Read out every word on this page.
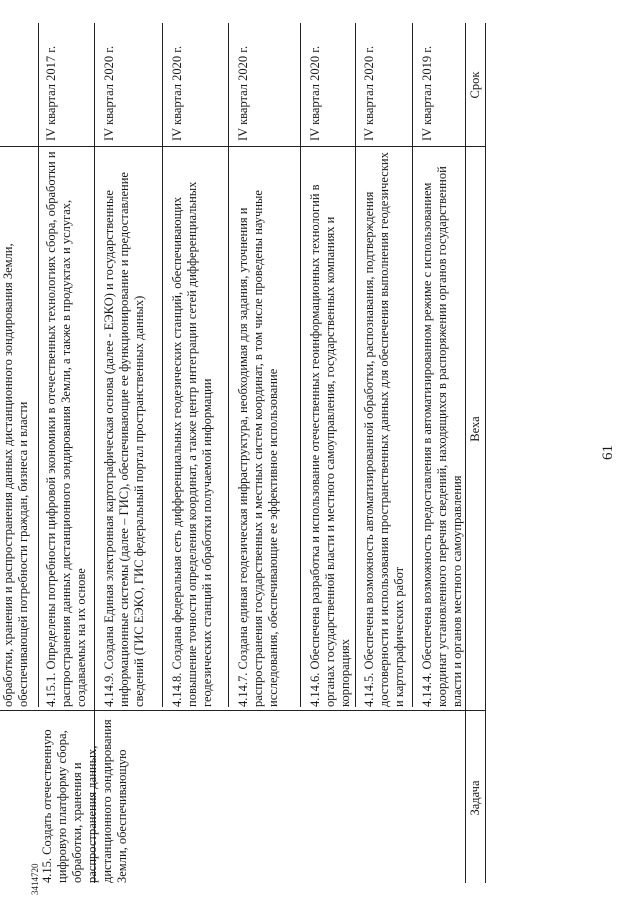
Задача
Веха
Срок
4.14.4. Обеспечена возможность предоставления в автоматизированном режиме с использованием координат установленного перечня сведений, находящихся в распоряжении органов государственной власти и органов местного самоуправления
IV квартал 2019 г.
4.14.5. Обеспечена возможность автоматизированной обработки, распознавания, подтверждения достоверности и использования пространственных данных для обеспечения выполнения геодезических и картографических работ
IV квартал 2020 г.
4.14.6. Обеспечена разработка и использование отечественных геоинформационных технологий в органах государственной власти и местного самоуправления, государственных компаниях и корпорациях
IV квартал 2020 г.
4.14.7. Создана единая геодезическая инфраструктура, необходимая для задания, уточнения и распространения государственных и местных систем координат, в том числе проведены научные исследования, обеспечивающие ее эффективное использование
IV квартал 2020 г.
4.14.8. Создана федеральная сеть дифференциальных геодезических станций, обеспечивающих повышение точности определения координат, а также центр интеграции сетей дифференциальных геодезических станций и обработки получаемой информации
IV квартал 2020 г.
4.14.9. Создана Единая электронная картографическая основа (далее - ЕЭКО) и государственные информационные системы (далее – ГИС), обеспечивающие ее функционирование и предоставление сведений (ГИС ЕЭКО, ГИС федеральный портал пространственных данных)
IV квартал 2020 г.
4.15. Создать отечественную цифровую платформу сбора, обработки, хранения и распространения данных, дистанционного зондирования Земли, обеспечивающую
4.15.1. Определены потребности цифровой экономики в отечественных технологиях сбора, обработки и распространения данных дистанционного зондирования Земли, а также в продуктах и услугах, создаваемых на их основе
IV квартал 2017 г.
обработки, хранения и распространения данных дистанционного зондирования Земли, обеспечивающей потребности граждан, бизнеса и власти
61
3414720
